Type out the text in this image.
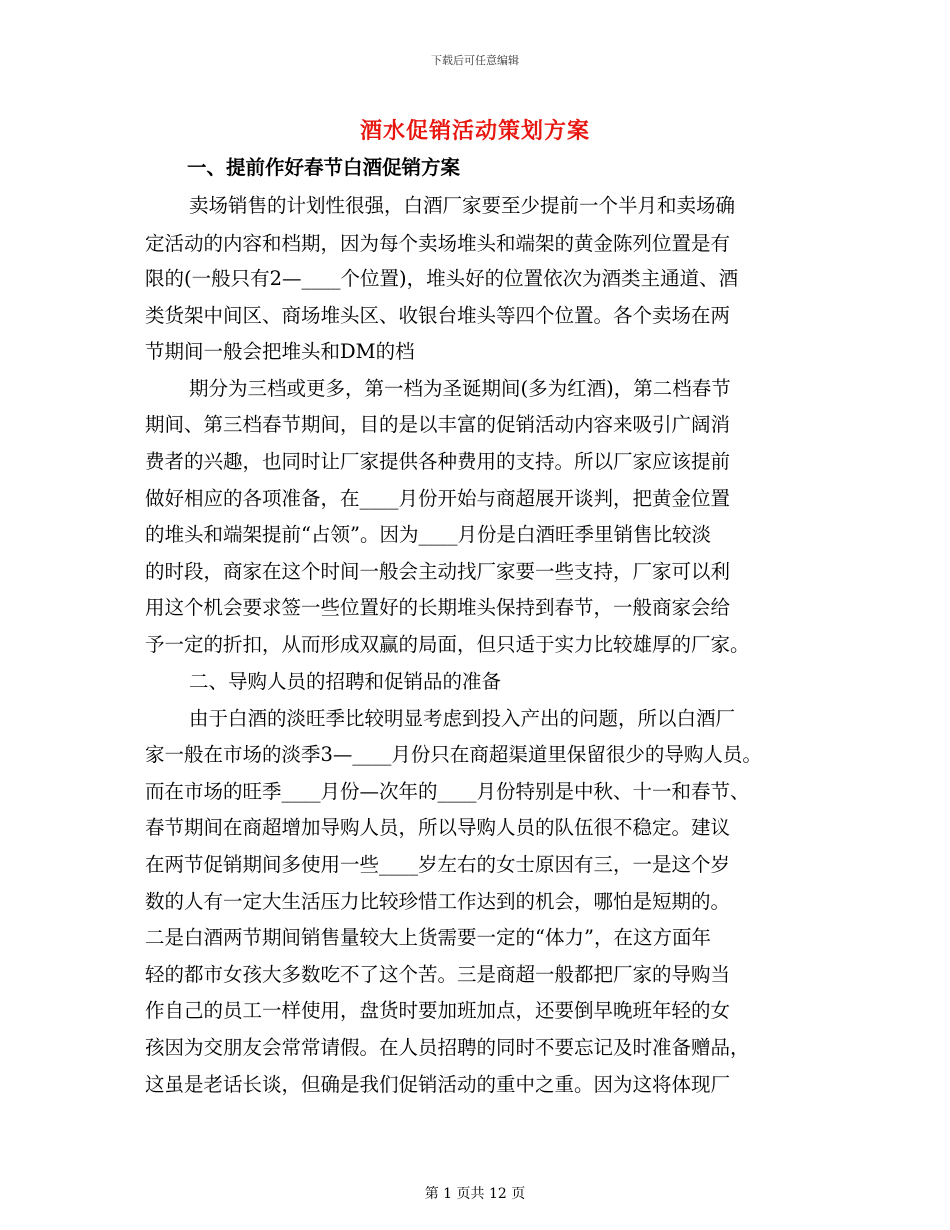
下载后可任意编辑
酒水促销活动策划方案
一、提前作好春节白酒促销方案
卖场销售的计划性很强，白酒厂家要至少提前一个半月和卖场确
定活动的内容和档期，因为每个卖场堆头和端架的黄金陈列位置是有
限的(一般只有2—____个位置)，堆头好的位置依次为酒类主通道、酒
类货架中间区、商场堆头区、收银台堆头等四个位置。各个卖场在两
节期间一般会把堆头和DM的档
期分为三档或更多，第一档为圣诞期间(多为红酒)，第二档春节
期间、第三档春节期间，目的是以丰富的促销活动内容来吸引广阔消
费者的兴趣，也同时让厂家提供各种费用的支持。所以厂家应该提前
做好相应的各项准备，在____月份开始与商超展开谈判，把黄金位置
的堆头和端架提前“占领”。因为____月份是白酒旺季里销售比较淡
的时段，商家在这个时间一般会主动找厂家要一些支持，厂家可以利
用这个机会要求签一些位置好的长期堆头保持到春节，一般商家会给
予一定的折扣，从而形成双赢的局面，但只适于实力比较雄厚的厂家。
二、导购人员的招聘和促销品的准备
由于白酒的淡旺季比较明显考虑到投入产出的问题，所以白酒厂
家一般在市场的淡季3—____月份只在商超渠道里保留很少的导购人员。
而在市场的旺季____月份—次年的____月份特别是中秋、十一和春节、
春节期间在商超增加导购人员，所以导购人员的队伍很不稳定。建议
在两节促销期间多使用一些____岁左右的女士原因有三，一是这个岁
数的人有一定大生活压力比较珍惜工作达到的机会，哪怕是短期的。
二是白酒两节期间销售量较大上货需要一定的“体力”，在这方面年
轻的都市女孩大多数吃不了这个苦。三是商超一般都把厂家的导购当
作自己的员工一样使用，盘货时要加班加点，还要倒早晚班年轻的女
孩因为交朋友会常常请假。在人员招聘的同时不要忘记及时准备赠品，
这虽是老话长谈，但确是我们促销活动的重中之重。因为这将体现厂
第 1 页共 12 页
